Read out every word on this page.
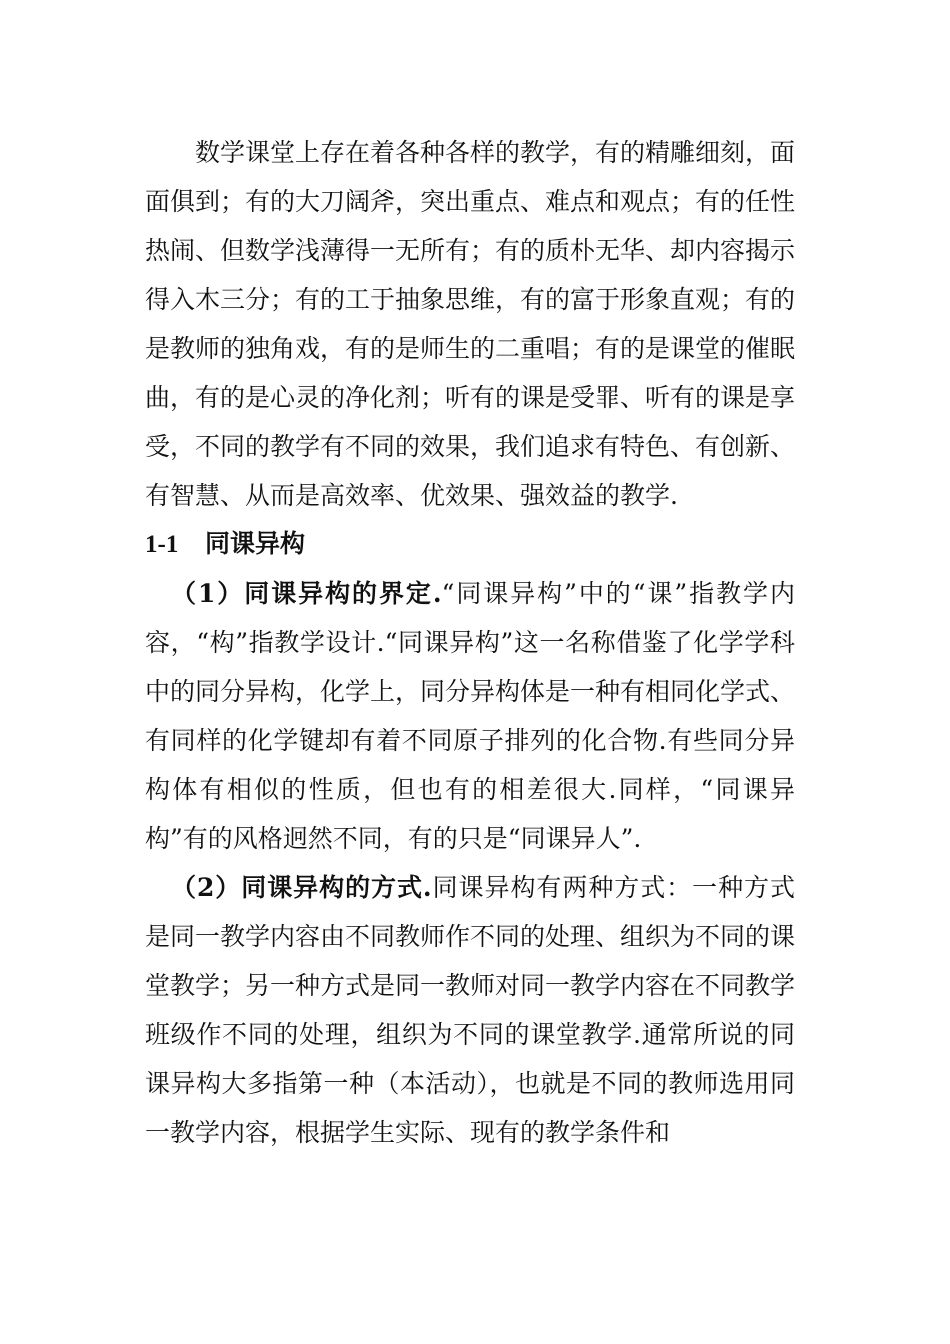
数学课堂上存在着各种各样的教学，有的精雕细刻，面面俱到；有的大刀阔斧，突出重点、难点和观点；有的任性热闹、但数学浅薄得一无所有；有的质朴无华、却内容揭示得入木三分；有的工于抽象思维，有的富于形象直观；有的是教师的独角戏，有的是师生的二重唱；有的是课堂的催眠曲，有的是心灵的净化剂；听有的课是受罪、听有的课是享受，不同的教学有不同的效果，我们追求有特色、有创新、有智慧、从而是高效率、优效果、强效益的教学.

1-1 同课异构

（1）同课异构的界定.“同课异构”中的“课”指教学内容，“构”指教学设计.“同课异构”这一名称借鉴了化学学科中的同分异构，化学上，同分异构体是一种有相同化学式、有同样的化学键却有着不同原子排列的化合物.有些同分异构体有相似的性质，但也有的相差很大.同样，“同课异构”有的风格迥然不同，有的只是“同课异人”.

（2）同课异构的方式.同课异构有两种方式：一种方式是同一教学内容由不同教师作不同的处理、组织为不同的课堂教学；另一种方式是同一教师对同一教学内容在不同教学班级作不同的处理，组织为不同的课堂教学.通常所说的同课异构大多指第一种（本活动），也就是不同的教师选用同一教学内容，根据学生实际、现有的教学条件和
